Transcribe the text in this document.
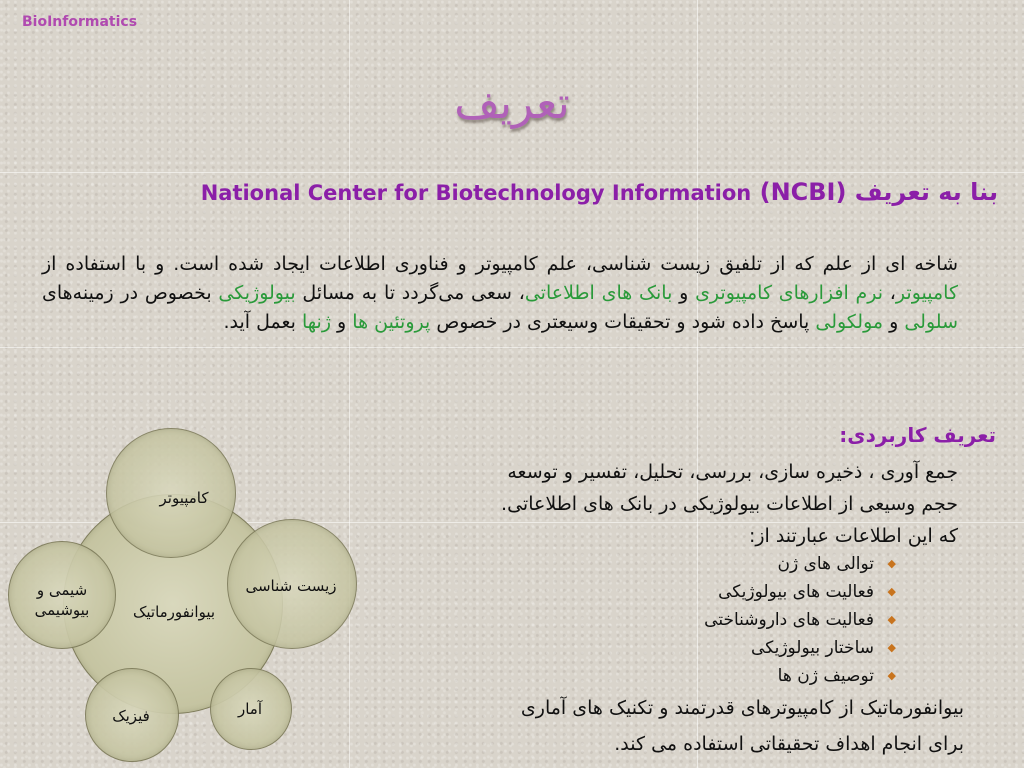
BioInformatics
تعریف
بنا به تعریف (National Center for Biotechnology Information (NCBI
شاخه ای از علم که از تلفیق زیست شناسی، علم کامپیوتر و فناوری اطلاعات ایجاد شده است. و با استفاده از کامپیوتر، نرم افزارهای کامپیوتری و بانک های اطلاعاتی، سعی می‌گردد تا به مسائل بیولوژیکی بخصوص در زمینه‌های سلولی و مولکولی پاسخ داده شود و تحقیقات وسیعتری در خصوص پروتئین ها و ژنها بعمل آید.
تعریف کاربردی:
جمع آوری ، ذخیره سازی، بررسی، تحلیل، تفسیر و توسعه
حجم وسیعی از اطلاعات بیولوژیکی در بانک های اطلاعاتی.
که این اطلاعات عبارتند از:
◆
توالی های ژن
◆
فعالیت های بیولوژیکی
◆
فعالیت های داروشناختی
◆
ساختار بیولوژیکی
◆
توصیف ژن ها
بیوانفورماتیک از کامپیوترهای قدرتمند و تکنیک های آماری
برای انجام اهداف تحقیقاتی استفاده می کند.
کامپیوتر
زیست شناسی
بیوانفورماتیک
شیمی و
بیوشیمی
فیزیک	آمار
